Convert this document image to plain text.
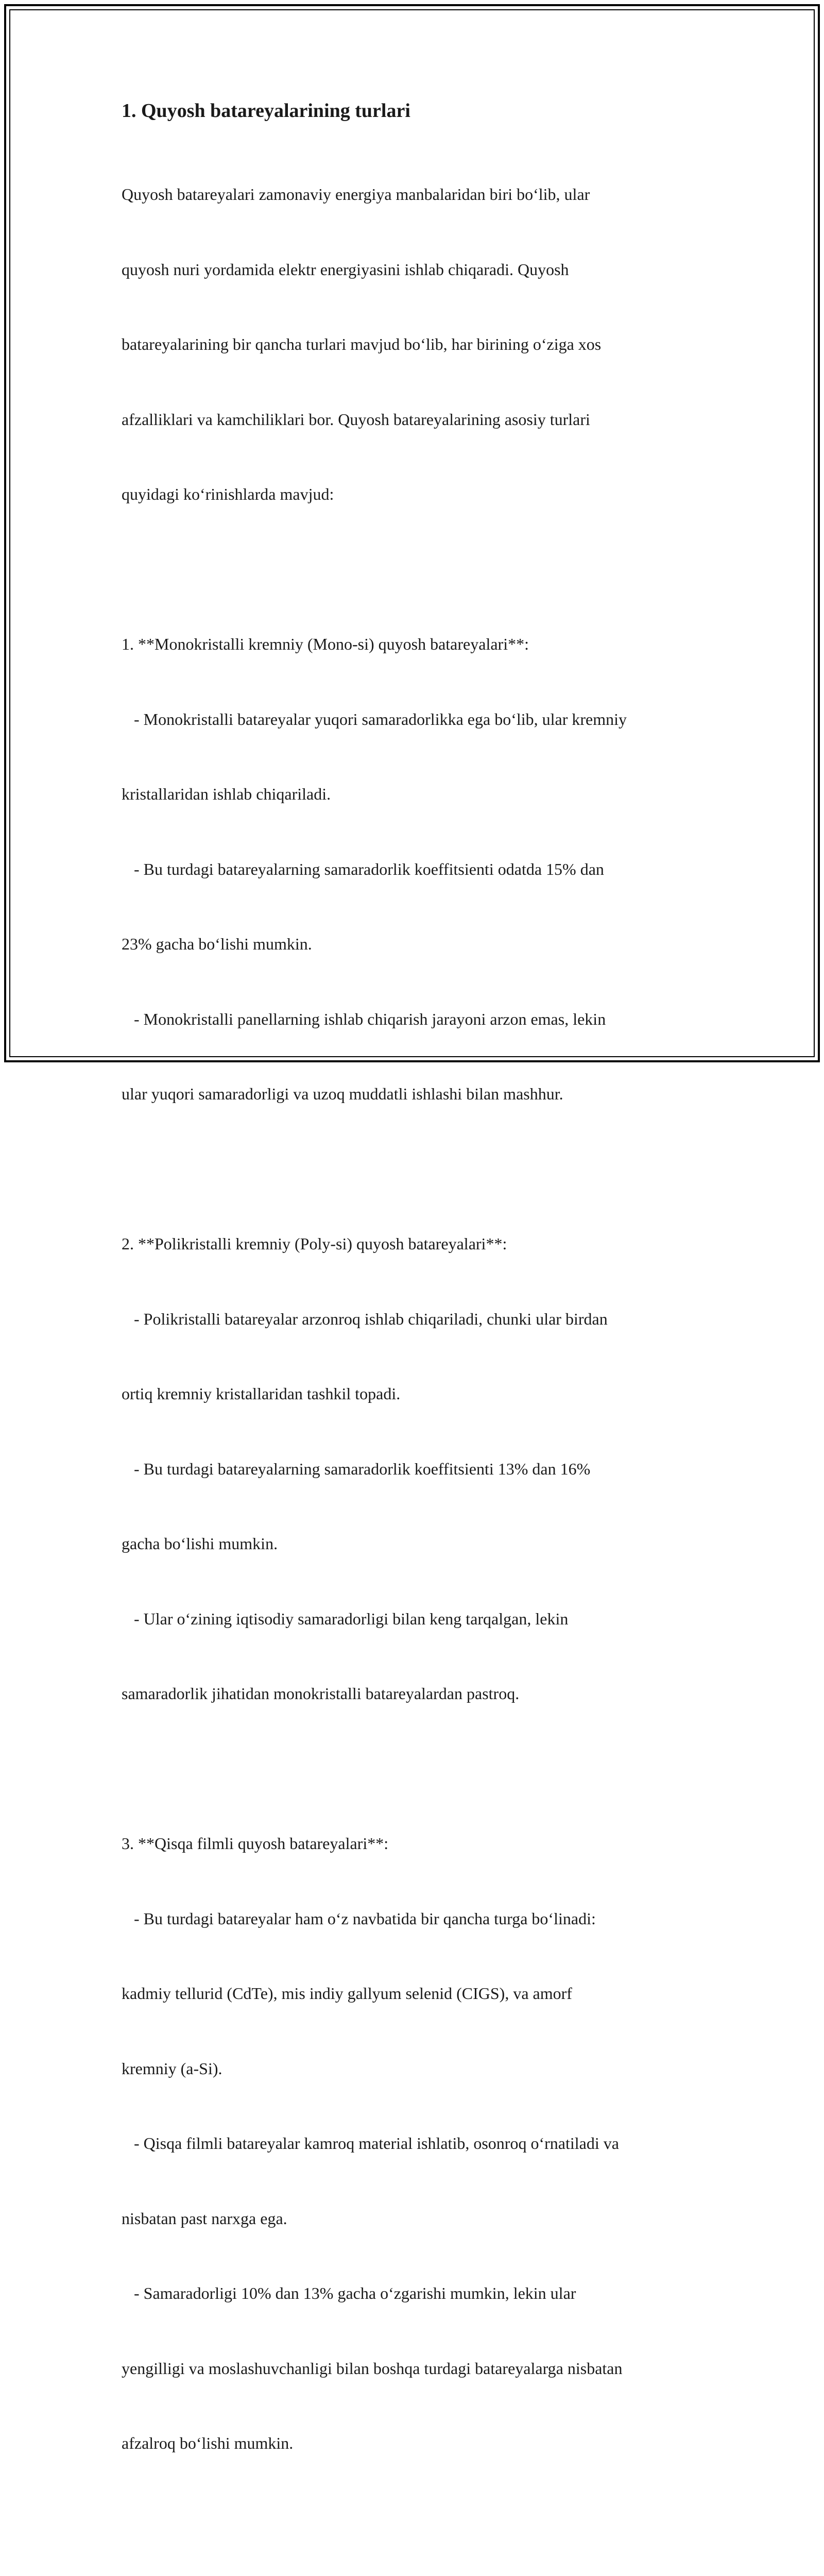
1. Quyosh batareyalarining turlari

Quyosh batareyalari zamonaviy energiya manbalaridan biri bo‘lib, ular

quyosh nuri yordamida elektr energiyasini ishlab chiqaradi. Quyosh

batareyalarining bir qancha turlari mavjud bo‘lib, har birining o‘ziga xos

afzalliklari va kamchiliklari bor. Quyosh batareyalarining asosiy turlari

quyidagi ko‘rinishlarda mavjud:

1. **Monokristalli kremniy (Mono-si) quyosh batareyalari**:

- Monokristalli batareyalar yuqori samaradorlikka ega bo‘lib, ular kremniy

kristallaridan ishlab chiqariladi.

- Bu turdagi batareyalarning samaradorlik koeffitsienti odatda 15% dan

23% gacha bo‘lishi mumkin.

- Monokristalli panellarning ishlab chiqarish jarayoni arzon emas, lekin

ular yuqori samaradorligi va uzoq muddatli ishlashi bilan mashhur.

2. **Polikristalli kremniy (Poly-si) quyosh batareyalari**:

- Polikristalli batareyalar arzonroq ishlab chiqariladi, chunki ular birdan

ortiq kremniy kristallaridan tashkil topadi.

- Bu turdagi batareyalarning samaradorlik koeffitsienti 13% dan 16%

gacha bo‘lishi mumkin.

- Ular o‘zining iqtisodiy samaradorligi bilan keng tarqalgan, lekin

samaradorlik jihatidan monokristalli batareyalardan pastroq.

3. **Qisqa filmli quyosh batareyalari**:

- Bu turdagi batareyalar ham o‘z navbatida bir qancha turga bo‘linadi:

kadmiy tellurid (CdTe), mis indiy gallyum selenid (CIGS), va amorf

kremniy (a-Si).

- Qisqa filmli batareyalar kamroq material ishlatib, osonroq o‘rnatiladi va

nisbatan past narxga ega.

- Samaradorligi 10% dan 13% gacha o‘zgarishi mumkin, lekin ular

yengilligi va moslashuvchanligi bilan boshqa turdagi batareyalarga nisbatan

afzalroq bo‘lishi mumkin.
